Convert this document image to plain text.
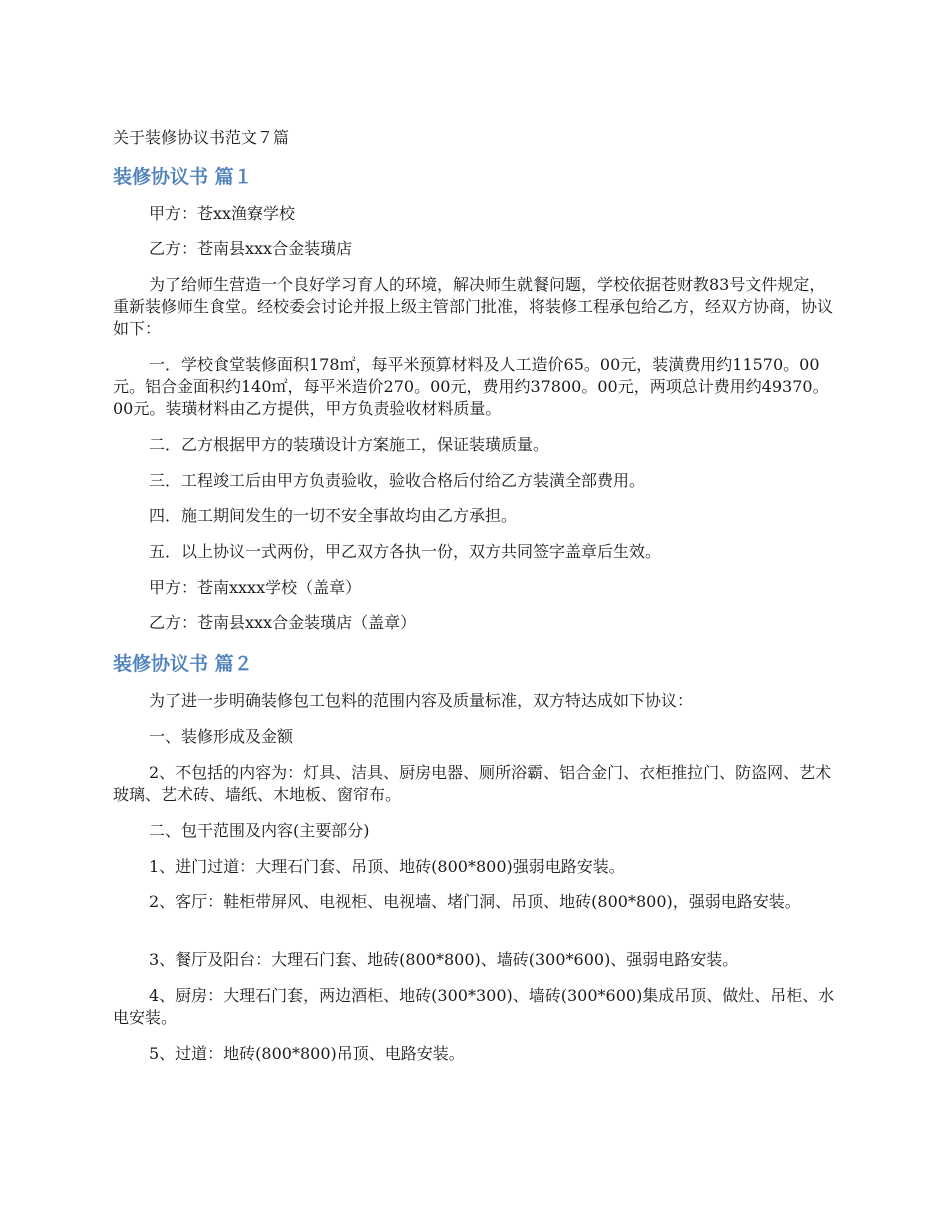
关于装修协议书范文７篇
装修协议书 篇１

甲方：苍xx渔寮学校

乙方：苍南县xxx合金装璜店

为了给师生营造一个良好学习育人的环境，解决师生就餐问题，学校依据苍财教83号文件规定，重新装修师生食堂。经校委会讨论并报上级主管部门批准，将装修工程承包给乙方，经双方协商，协议如下：

一．学校食堂装修面积178㎡，每平米预算材料及人工造价65。00元，装潢费用约11570。00元。铝合金面积约140㎡，每平米造价270。00元，费用约37800。00元，两项总计费用约49370。00元。装璜材料由乙方提供，甲方负责验收材料质量。

二．乙方根据甲方的装璜设计方案施工，保证装璜质量。

三．工程竣工后由甲方负责验收，验收合格后付给乙方装潢全部费用。

四．施工期间发生的一切不安全事故均由乙方承担。

五．以上协议一式两份，甲乙双方各执一份，双方共同签字盖章后生效。

甲方：苍南xxxx学校（盖章）

乙方：苍南县xxx合金装璜店（盖章）

装修协议书 篇２

为了进一步明确装修包工包料的范围内容及质量标准，双方特达成如下协议：

一、装修形成及金额

2、不包括的内容为：灯具、洁具、厨房电器、厕所浴霸、铝合金门、衣柜推拉门、防盗网、艺术玻璃、艺术砖、墙纸、木地板、窗帘布。

二、包干范围及内容(主要部分)

1、进门过道：大理石门套、吊顶、地砖(800*800)强弱电路安装。

2、客厅：鞋柜带屏风、电视柜、电视墙、堵门洞、吊顶、地砖(800*800)，强弱电路安装。

3、餐厅及阳台：大理石门套、地砖(800*800)、墙砖(300*600)、强弱电路安装。

4、厨房：大理石门套，两边酒柜、地砖(300*300)、墙砖(300*600)集成吊顶、做灶、吊柜、水电安装。

5、过道：地砖(800*800)吊顶、电路安装。
